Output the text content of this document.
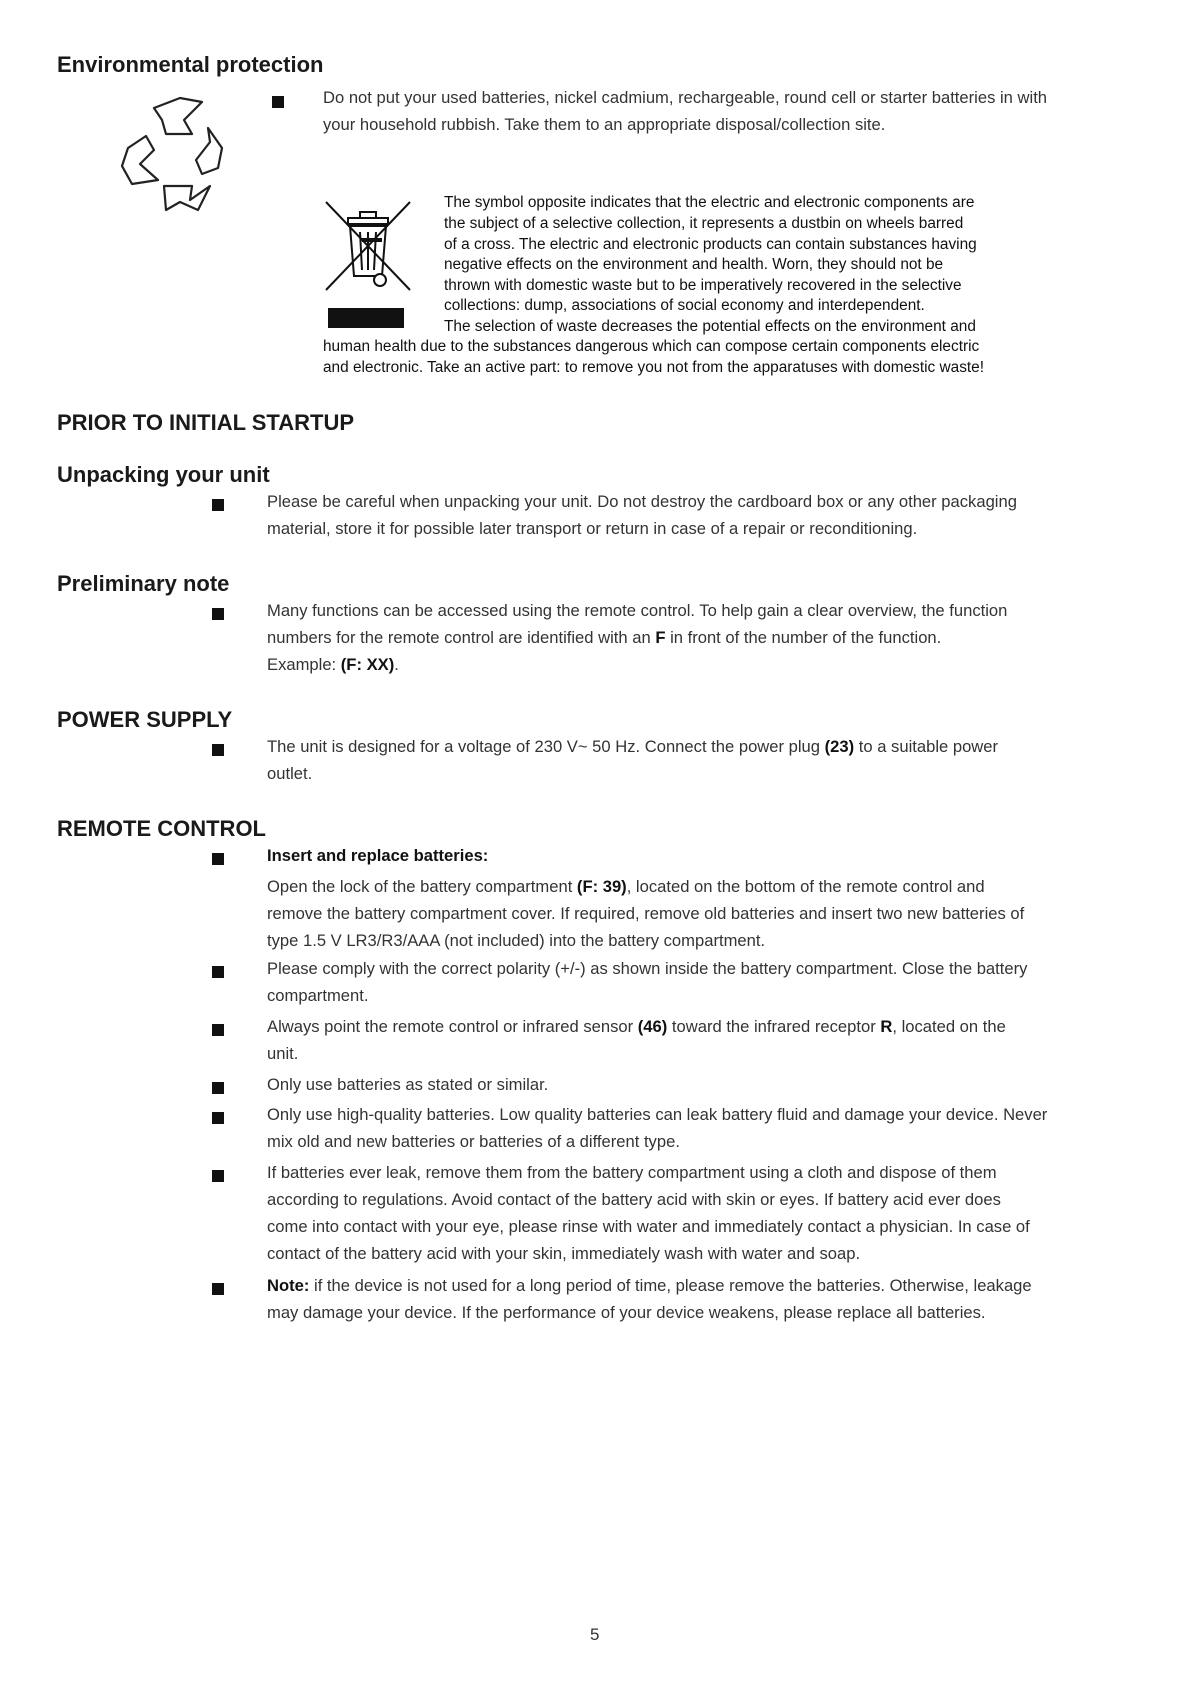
Environmental protection
Do not put your used batteries, nickel cadmium, rechargeable, round cell or starter batteries in with
your household rubbish. Take them to an appropriate disposal/collection site.
The symbol opposite indicates that the electric and electronic components are
the subject of a selective collection, it represents a dustbin on wheels barred
of a cross. The electric and electronic products can contain substances having
negative effects on the environment and health. Worn, they should not be
thrown with domestic waste but to be imperatively recovered in the selective
collections: dump, associations of social economy and interdependent.
The selection of waste decreases the potential effects on the environment and
human health due to the substances dangerous which can compose certain components electric
and electronic. Take an active part: to remove you not from the apparatuses with domestic waste!
PRIOR TO INITIAL STARTUP
Unpacking your unit
Please be careful when unpacking your unit. Do not destroy the cardboard box or any other packaging
material, store it for possible later transport or return in case of a repair or reconditioning.
Preliminary note
Many functions can be accessed using the remote control. To help gain a clear overview, the function
numbers for the remote control are identified with an F in front of the number of the function.
Example: (F: XX).
POWER SUPPLY
The unit is designed for a voltage of 230 V~ 50 Hz. Connect the power plug (23) to a suitable power
outlet.
REMOTE CONTROL
Insert and replace batteries:
Open the lock of the battery compartment (F: 39), located on the bottom of the remote control and
remove the battery compartment cover. If required, remove old batteries and insert two new batteries of
type 1.5 V LR3/R3/AAA (not included) into the battery compartment.
Please comply with the correct polarity (+/-) as shown inside the battery compartment. Close the battery
compartment.
Always point the remote control or infrared sensor (46) toward the infrared receptor R, located on the
unit.
Only use batteries as stated or similar.
Only use high-quality batteries. Low quality batteries can leak battery fluid and damage your device. Never
mix old and new batteries or batteries of a different type.
If batteries ever leak, remove them from the battery compartment using a cloth and dispose of them
according to regulations. Avoid contact of the battery acid with skin or eyes. If battery acid ever does
come into contact with your eye, please rinse with water and immediately contact a physician. In case of
contact of the battery acid with your skin, immediately wash with water and soap.
Note: if the device is not used for a long period of time, please remove the batteries. Otherwise, leakage
may damage your device. If the performance of your device weakens, please replace all batteries.
5
